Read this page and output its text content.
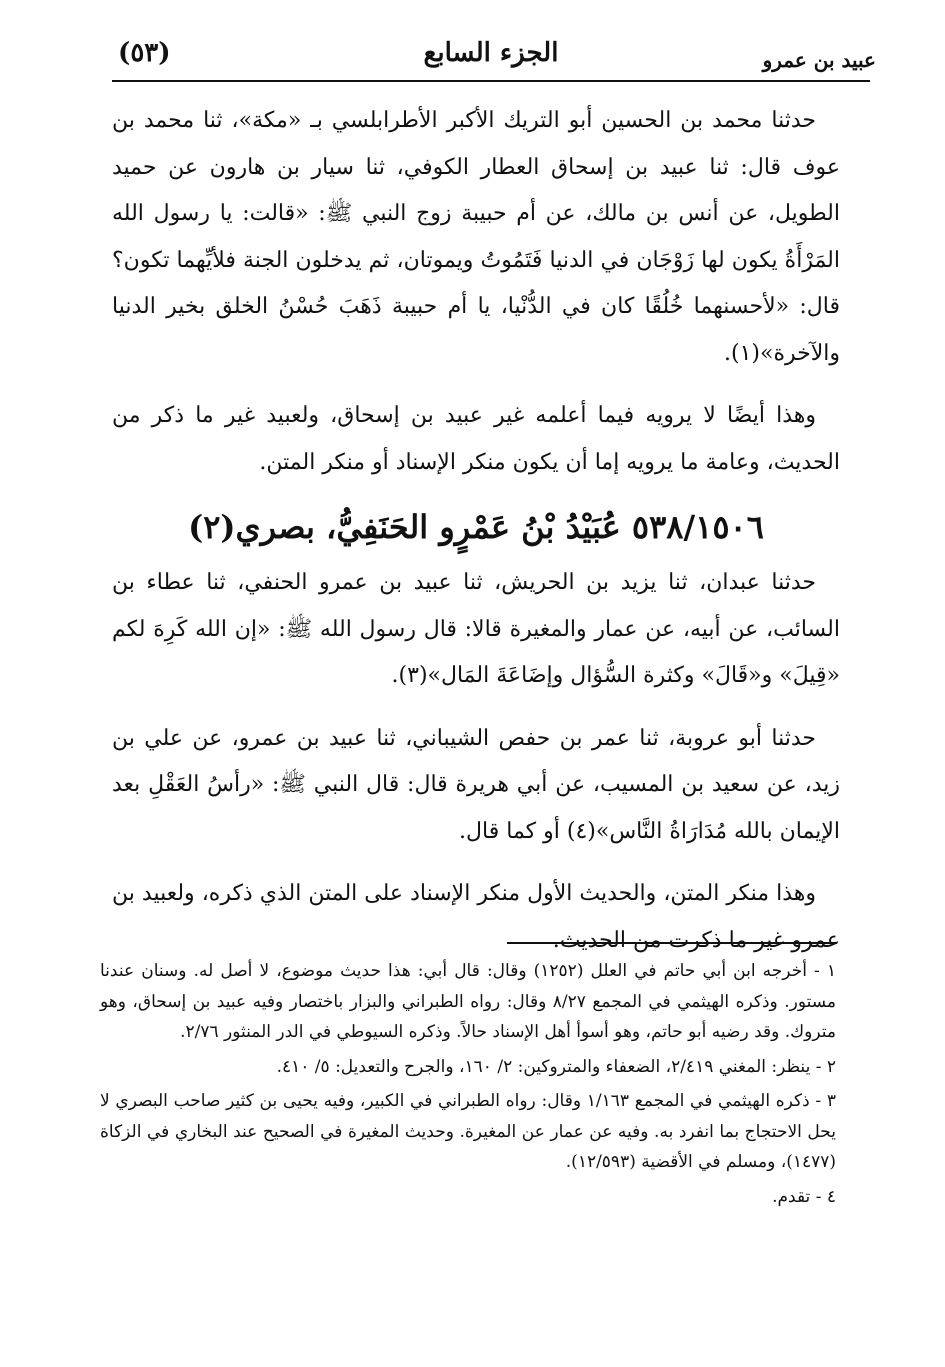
عبيد بن عمرو
الجزء السابع
(٥٣)

حدثنا محمد بن الحسين أبو التريك الأكبر الأطرابلسي بـ «مكة»، ثنا محمد بن عوف قال: ثنا عبيد بن إسحاق العطار الكوفي، ثنا سيار بن هارون عن حميد الطويل، عن أنس بن مالك، عن أم حبيبة زوج النبي ﷺ: «قالت: يا رسول الله المَرْأَةُ يكون لها زَوْجَان في الدنيا فَتَمُوتُ ويموتان، ثم يدخلون الجنة فلأيِّهما تكون؟ قال: «لأحسنهما خُلُقًا كان في الدُّنْيا، يا أم حبيبة ذَهَبَ حُسْنُ الخلق بخير الدنيا والآخرة»(١).

وهذا أيضًا لا يرويه فيما أعلمه غير عبيد بن إسحاق، ولعبيد غير ما ذكر من الحديث، وعامة ما يرويه إما أن يكون منكر الإسناد أو منكر المتن.

٥٣٨/١٥٠٦ عُبَيْدُ بْنُ عَمْرٍو الحَنَفِيُّ، بصري(٢)

حدثنا عبدان، ثنا يزيد بن الحريش، ثنا عبيد بن عمرو الحنفي، ثنا عطاء بن السائب، عن أبيه، عن عمار والمغيرة قالا: قال رسول الله ﷺ: «إن الله كَرِهَ لكم «قِيلَ» و«قَالَ» وكثرة السُّؤال وإضَاعَةَ المَال»(٣).

حدثنا أبو عروبة، ثنا عمر بن حفص الشيباني، ثنا عبيد بن عمرو، عن علي بن زيد، عن سعيد بن المسيب، عن أبي هريرة قال: قال النبي ﷺ: «رأسُ العَقْلِ بعد الإيمان بالله مُدَارَاةُ النَّاس»(٤) أو كما قال.

وهذا منكر المتن، والحديث الأول منكر الإسناد على المتن الذي ذكره، ولعبيد بن عمرو غير ما ذكرت من الحديث.

١ - أخرجه ابن أبي حاتم في العلل (١٢٥٢) وقال: قال أبي: هذا حديث موضوع، لا أصل له. وسنان عندنا مستور. وذكره الهيثمي في المجمع ٨/٢٧ وقال: رواه الطبراني والبزار باختصار وفيه عبيد بن إسحاق، وهو متروك. وقد رضيه أبو حاتم، وهو أسوأ أهل الإسناد حالاً. وذكره السيوطي في الدر المنثور ٢/٧٦.
٢ - ينظر: المغني ٢/٤١٩، الضعفاء والمتروكين: ٢/ ١٦٠، والجرح والتعديل: ٥/ ٤١٠.
٣ - ذكره الهيثمي في المجمع ١/١٦٣ وقال: رواه الطبراني في الكبير، وفيه يحيى بن كثير صاحب البصري لا يحل الاحتجاج بما انفرد به. وفيه عن عمار عن المغيرة. وحديث المغيرة في الصحيح عند البخاري في الزكاة (١٤٧٧)، ومسلم في الأقضية (١٢/٥٩٣).
٤ - تقدم.
